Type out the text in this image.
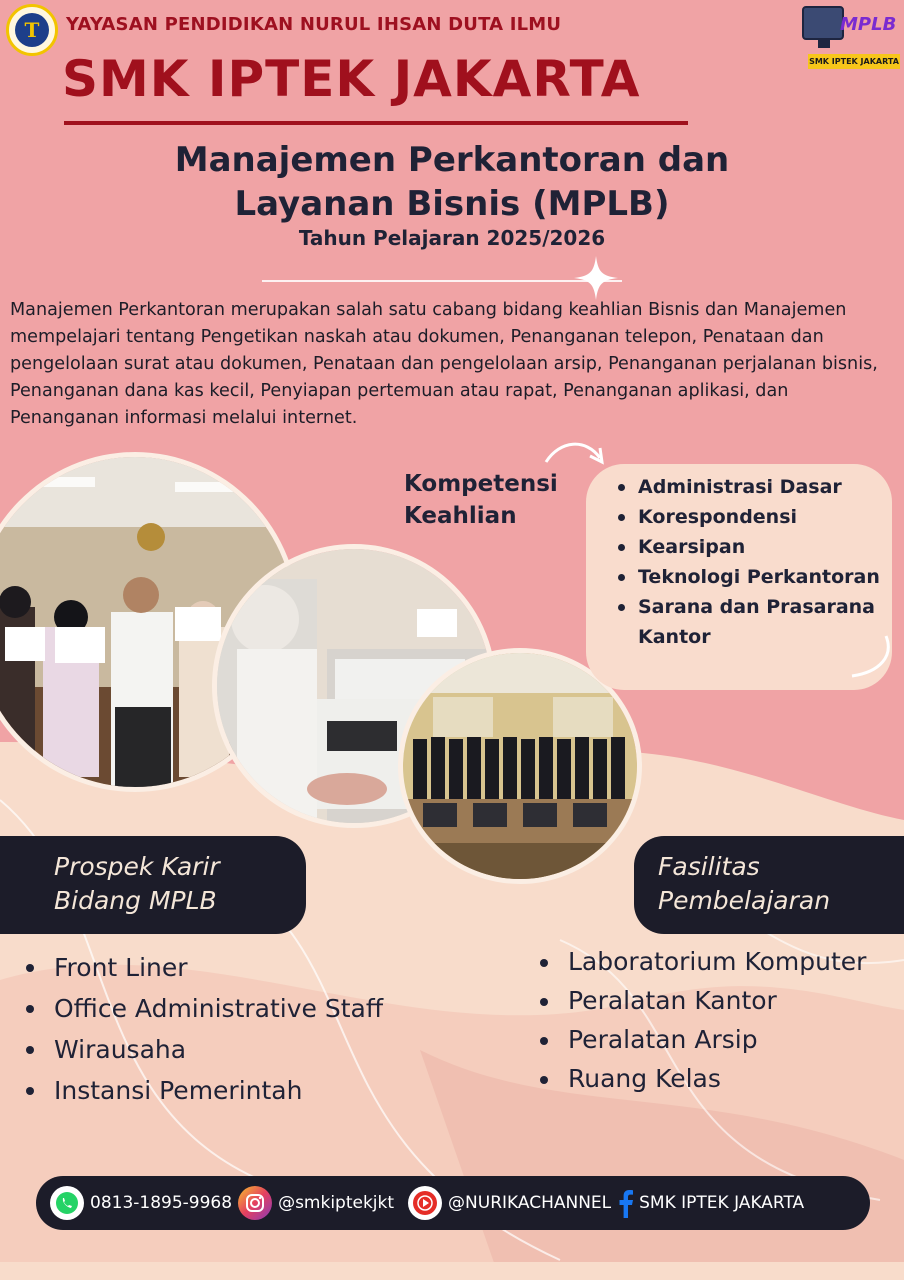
T	YAYASAN PENDIDIKAN NURUL IHSAN DUTA ILMU
SMK IPTEK JAKARTA
MPLB
SMK IPTEK JAKARTA
Manajemen Perkantoran dan
Layanan Bisnis (MPLB)
Tahun Pelajaran 2025/2026
Manajemen Perkantoran merupakan salah satu cabang bidang keahlian Bisnis dan Manajemen mempelajari tentang Pengetikan naskah atau dokumen, Penanganan telepon, Penataan dan pengelolaan surat atau dokumen, Penataan dan pengelolaan arsip, Penanganan perjalanan bisnis, Penanganan dana kas kecil, Penyiapan pertemuan atau rapat, Penanganan aplikasi, dan Penanganan informasi melalui internet.
Kompetensi
Keahlian
Administrasi Dasar
Korespondensi
Kearsipan
Teknologi Perkantoran
Sarana dan Prasarana Kantor
Prospek Karir
Bidang MPLB
Front Liner
Office Administrative Staff
Wirausaha
Instansi Pemerintah
Fasilitas
Pembelajaran
Laboratorium Komputer
Peralatan Kantor
Peralatan Arsip
Ruang Kelas
0813-1895-9968	@smkiptekjkt	@NURIKACHANNEL SMK IPTEK JAKARTA
